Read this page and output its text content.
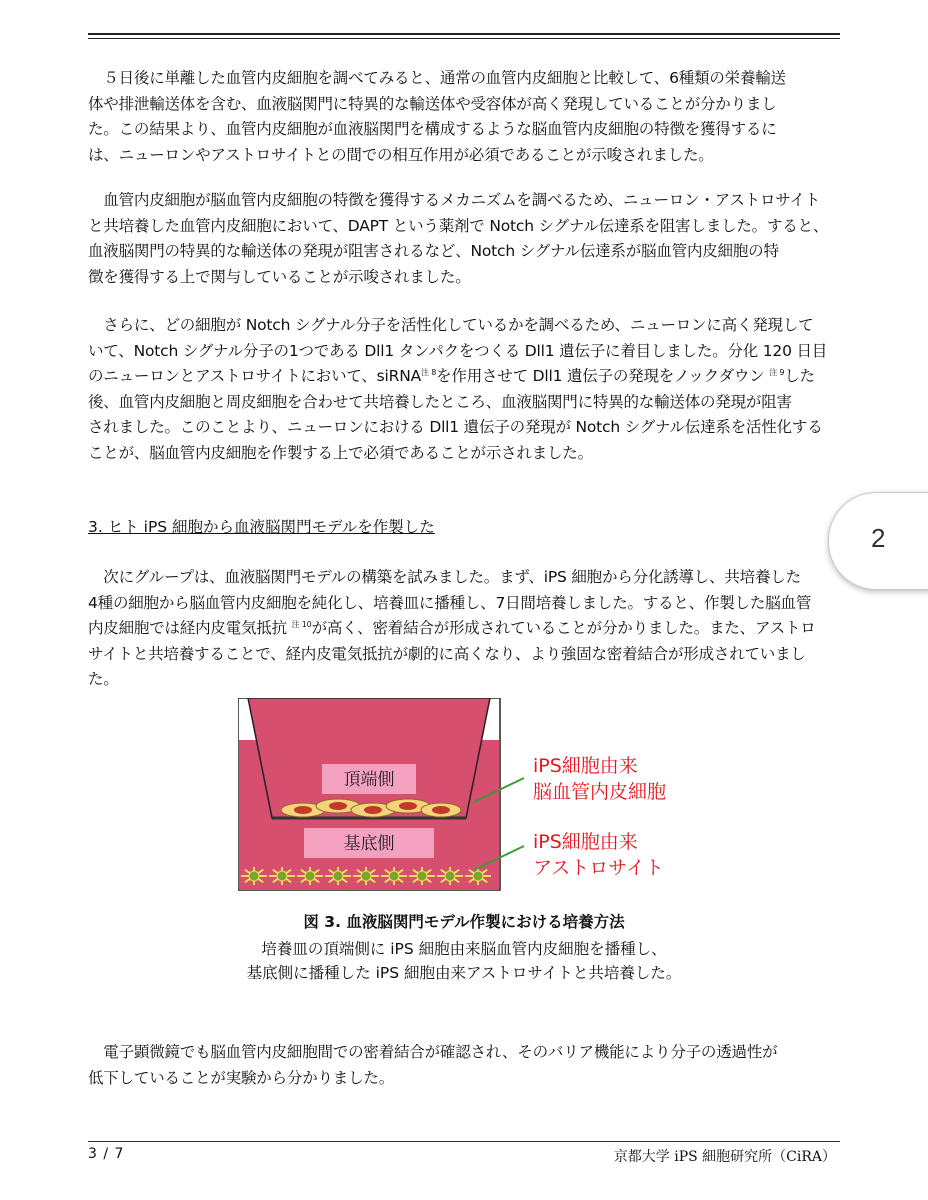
　５日後に単離した血管内皮細胞を調べてみると、通常の血管内皮細胞と比較して、6種類の栄養輸送
体や排泄輸送体を含む、血液脳関門に特異的な輸送体や受容体が高く発現していることが分かりまし
た。この結果より、血管内皮細胞が血液脳関門を構成するような脳血管内皮細胞の特徴を獲得するに
は、ニューロンやアストロサイトとの間での相互作用が必須であることが示唆されました。

　血管内皮細胞が脳血管内皮細胞の特徴を獲得するメカニズムを調べるため、ニューロン・アストロサイト
と共培養した血管内皮細胞において、DAPT という薬剤で Notch シグナル伝達系を阻害しました。すると、
血液脳関門の特異的な輸送体の発現が阻害されるなど、Notch シグナル伝達系が脳血管内皮細胞の特
徴を獲得する上で関与していることが示唆されました。

　さらに、どの細胞が Notch シグナル分子を活性化しているかを調べるため、ニューロンに高く発現して
いて、Notch シグナル分子の1つである Dll1 タンパクをつくる Dll1 遺伝子に着目しました。分化 120 日目
のニューロンとアストロサイトにおいて、siRNA$^{注 8}$を作用させて Dll1 遺伝子の発現をノックダウン $^{注 9}$した
後、血管内皮細胞と周皮細胞を合わせて共培養したところ、血液脳関門に特異的な輸送体の発現が阻害
されました。このことより、ニューロンにおける Dll1 遺伝子の発現が Notch シグナル伝達系を活性化する
ことが、脳血管内皮細胞を作製する上で必須であることが示されました。

3. ヒト iPS 細胞から血液脳関門モデルを作製した

　次にグループは、血液脳関門モデルの構築を試みました。まず、iPS 細胞から分化誘導し、共培養した
4種の細胞から脳血管内皮細胞を純化し、培養皿に播種し、7日間培養しました。すると、作製した脳血管
内皮細胞では経内皮電気抵抗 $^{注 10}$が高く、密着結合が形成されていることが分かりました。また、アストロ
サイトと共培養することで、経内皮電気抵抗が劇的に高くなり、より強固な密着結合が形成されていまし
た。

2
頂端側
基底側
iPS細胞由来
脳血管内皮細胞
iPS細胞由来
アストロサイト

図 3. 血液脳関門モデル作製における培養方法

培養皿の頂端側に iPS 細胞由来脳血管内皮細胞を播種し、

基底側に播種した iPS 細胞由来アストロサイトと共培養した。

　電子顕微鏡でも脳血管内皮細胞間での密着結合が確認され、そのバリア機能により分子の透過性が
低下していることが実験から分かりました。

3 / 7	京都大学 iPS 細胞研究所（CiRA）
